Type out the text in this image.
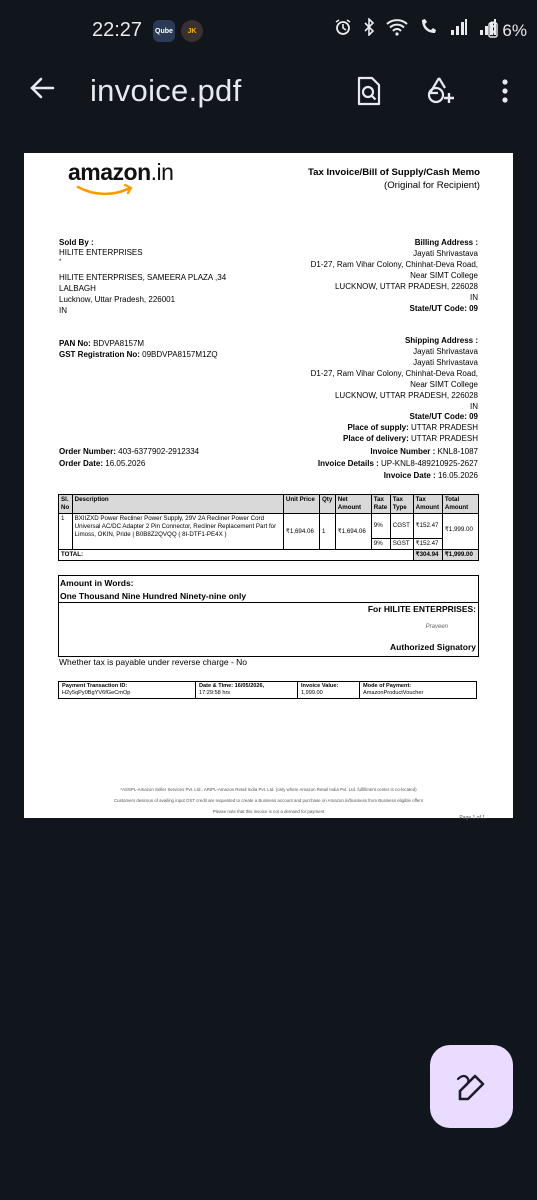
22:27 Qube JK	6%
invoice.pdf
amazon.in	Tax Invoice/Bill of Supply/Cash Memo
(Original for Recipient)
Sold By :
HILITE ENTERPRISES
*
HILITE ENTERPRISES, SAMEERA PLAZA ,34
LALBAGH
Lucknow, Uttar Pradesh, 226001
IN
Billing Address :
Jayati Shrivastava
D1-27, Ram Vihar Colony, Chinhat-Deva Road,
Near SIMT College
LUCKNOW, UTTAR PRADESH, 226028
IN
State/UT Code: 09
PAN No: BDVPA8157M
GST Registration No: 09BDVPA8157M1ZQ
Shipping Address :
Jayati Shrivastava
Jayati Shrivastava
D1-27, Ram Vihar Colony, Chinhat-Deva Road,
Near SIMT College
LUCKNOW, UTTAR PRADESH, 226028
IN
State/UT Code: 09
Place of supply: UTTAR PRADESH
Place of delivery: UTTAR PRADESH
Order Number: 403-6377902-2912334
Order Date: 16.05.2026
Invoice Number : KNL8-1087
Invoice Details : UP-KNL8-489210925-2627
Invoice Date : 16.05.2026
Sl. No	Description	Unit Price	Qty	Net Amount	Tax Rate	Tax Type	Tax Amount	Total Amount
1	BXIIZXD Power Recliner Power Supply, 29V 2A Recliner Power Cord Universal AC/DC Adapter 2 Pin Connector, Recliner Replacement Part for Limoss, OKIN, Pride | B0B8Z2QVQQ ( 8I-DTF1-PE4X )	₹1,694.06	1	₹1,694.06	9%	CGST	₹152.47	₹1,999.00
					9%	SGST	₹152.47	
TOTAL:							₹304.94	₹1,999.00
Amount in Words:
One Thousand Nine Hundred Ninety-nine only
For HILITE ENTERPRISES:
Praveen
Authorized Signatory
Whether tax is payable under reverse charge - No
Payment Transaction ID:
H2y5qPy0BgYV6fGeCmOp

Date & Time: 16/05/2026,
17:29:58 hrs

Invoice Value:
1,999.00

Mode of Payment:
AmazonProductVoucher
*ASSPL-Amazon Seller Services Pvt. Ltd., ARIPL-Amazon Retail India Pvt. Ltd. (only where Amazon Retail India Pvt. Ltd. fulfillment center is co-located)
Customers desirous of availing input GST credit are requested to create a Business account and purchase on Amazon.in/business from Business eligible offers
Please note that this invoice is not a demand for payment
Page 1 of 1
